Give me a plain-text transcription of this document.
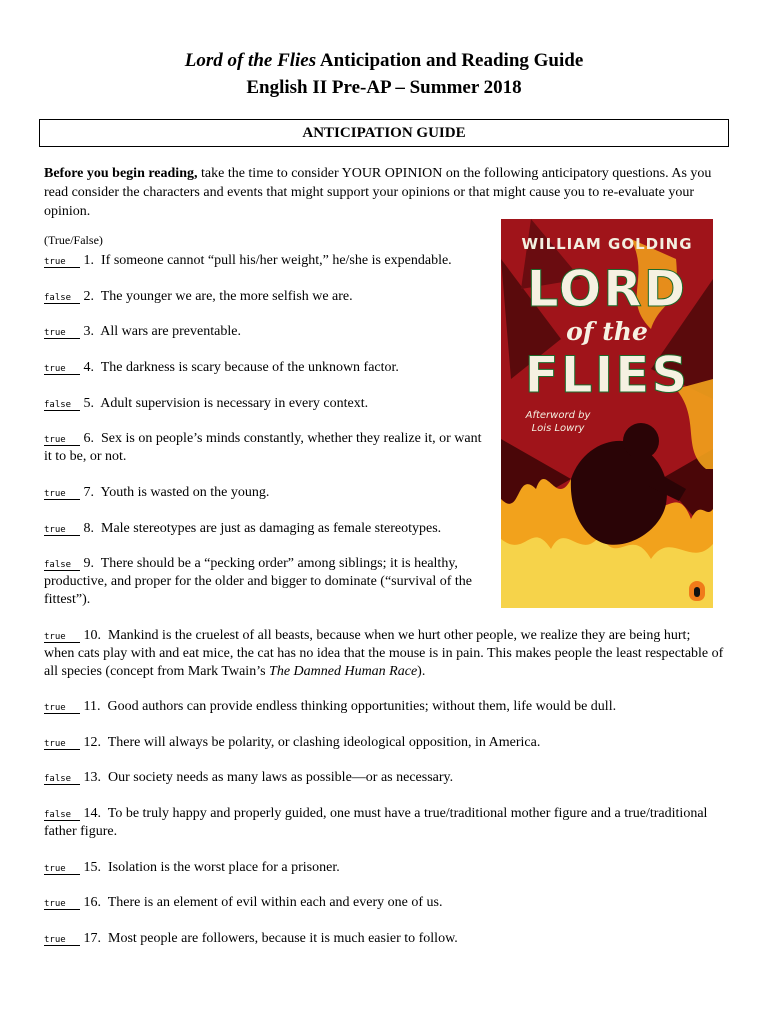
Lord of the Flies Anticipation and Reading Guide
English II Pre-AP – Summer 2018
ANTICIPATION GUIDE

Before you begin reading, take the time to consider YOUR OPINION on the following anticipatory questions. As you read consider the characters and events that might support your opinions or that might cause you to re-evaluate your opinion.

(True/False)

true 1. If someone cannot “pull his/her weight,” he/she is expendable.

false 2. The younger we are, the more selfish we are.

true 3. All wars are preventable.

true 4. The darkness is scary because of the unknown factor.

false 5. Adult supervision is necessary in every context.

true 6. Sex is on people’s minds constantly, whether they realize it, or want it to be, or not.

true 7. Youth is wasted on the young.

true 8. Male stereotypes are just as damaging as female stereotypes.

false 9. There should be a “pecking order” among siblings; it is healthy, productive, and proper for the older and bigger to dominate (“survival of the fittest”).

true 10. Mankind is the cruelest of all beasts, because when we hurt other people, we realize they are being hurt; when cats play with and eat mice, the cat has no idea that the mouse is in pain. This makes people the least respectable of all species (concept from Mark Twain’s The Damned Human Race).

true 11. Good authors can provide endless thinking opportunities; without them, life would be dull.

true 12. There will always be polarity, or clashing ideological opposition, in America.

false 13. Our society needs as many laws as possible—or as necessary.

false 14. To be truly happy and properly guided, one must have a true/traditional mother figure and a true/traditional father figure.

true 15. Isolation is the worst place for a prisoner.

true 16. There is an element of evil within each and every one of us.

true 17. Most people are followers, because it is much easier to follow.

WILLIAM GOLDING
LORD
of the
FLIES
Afterword by
Lois Lowry
